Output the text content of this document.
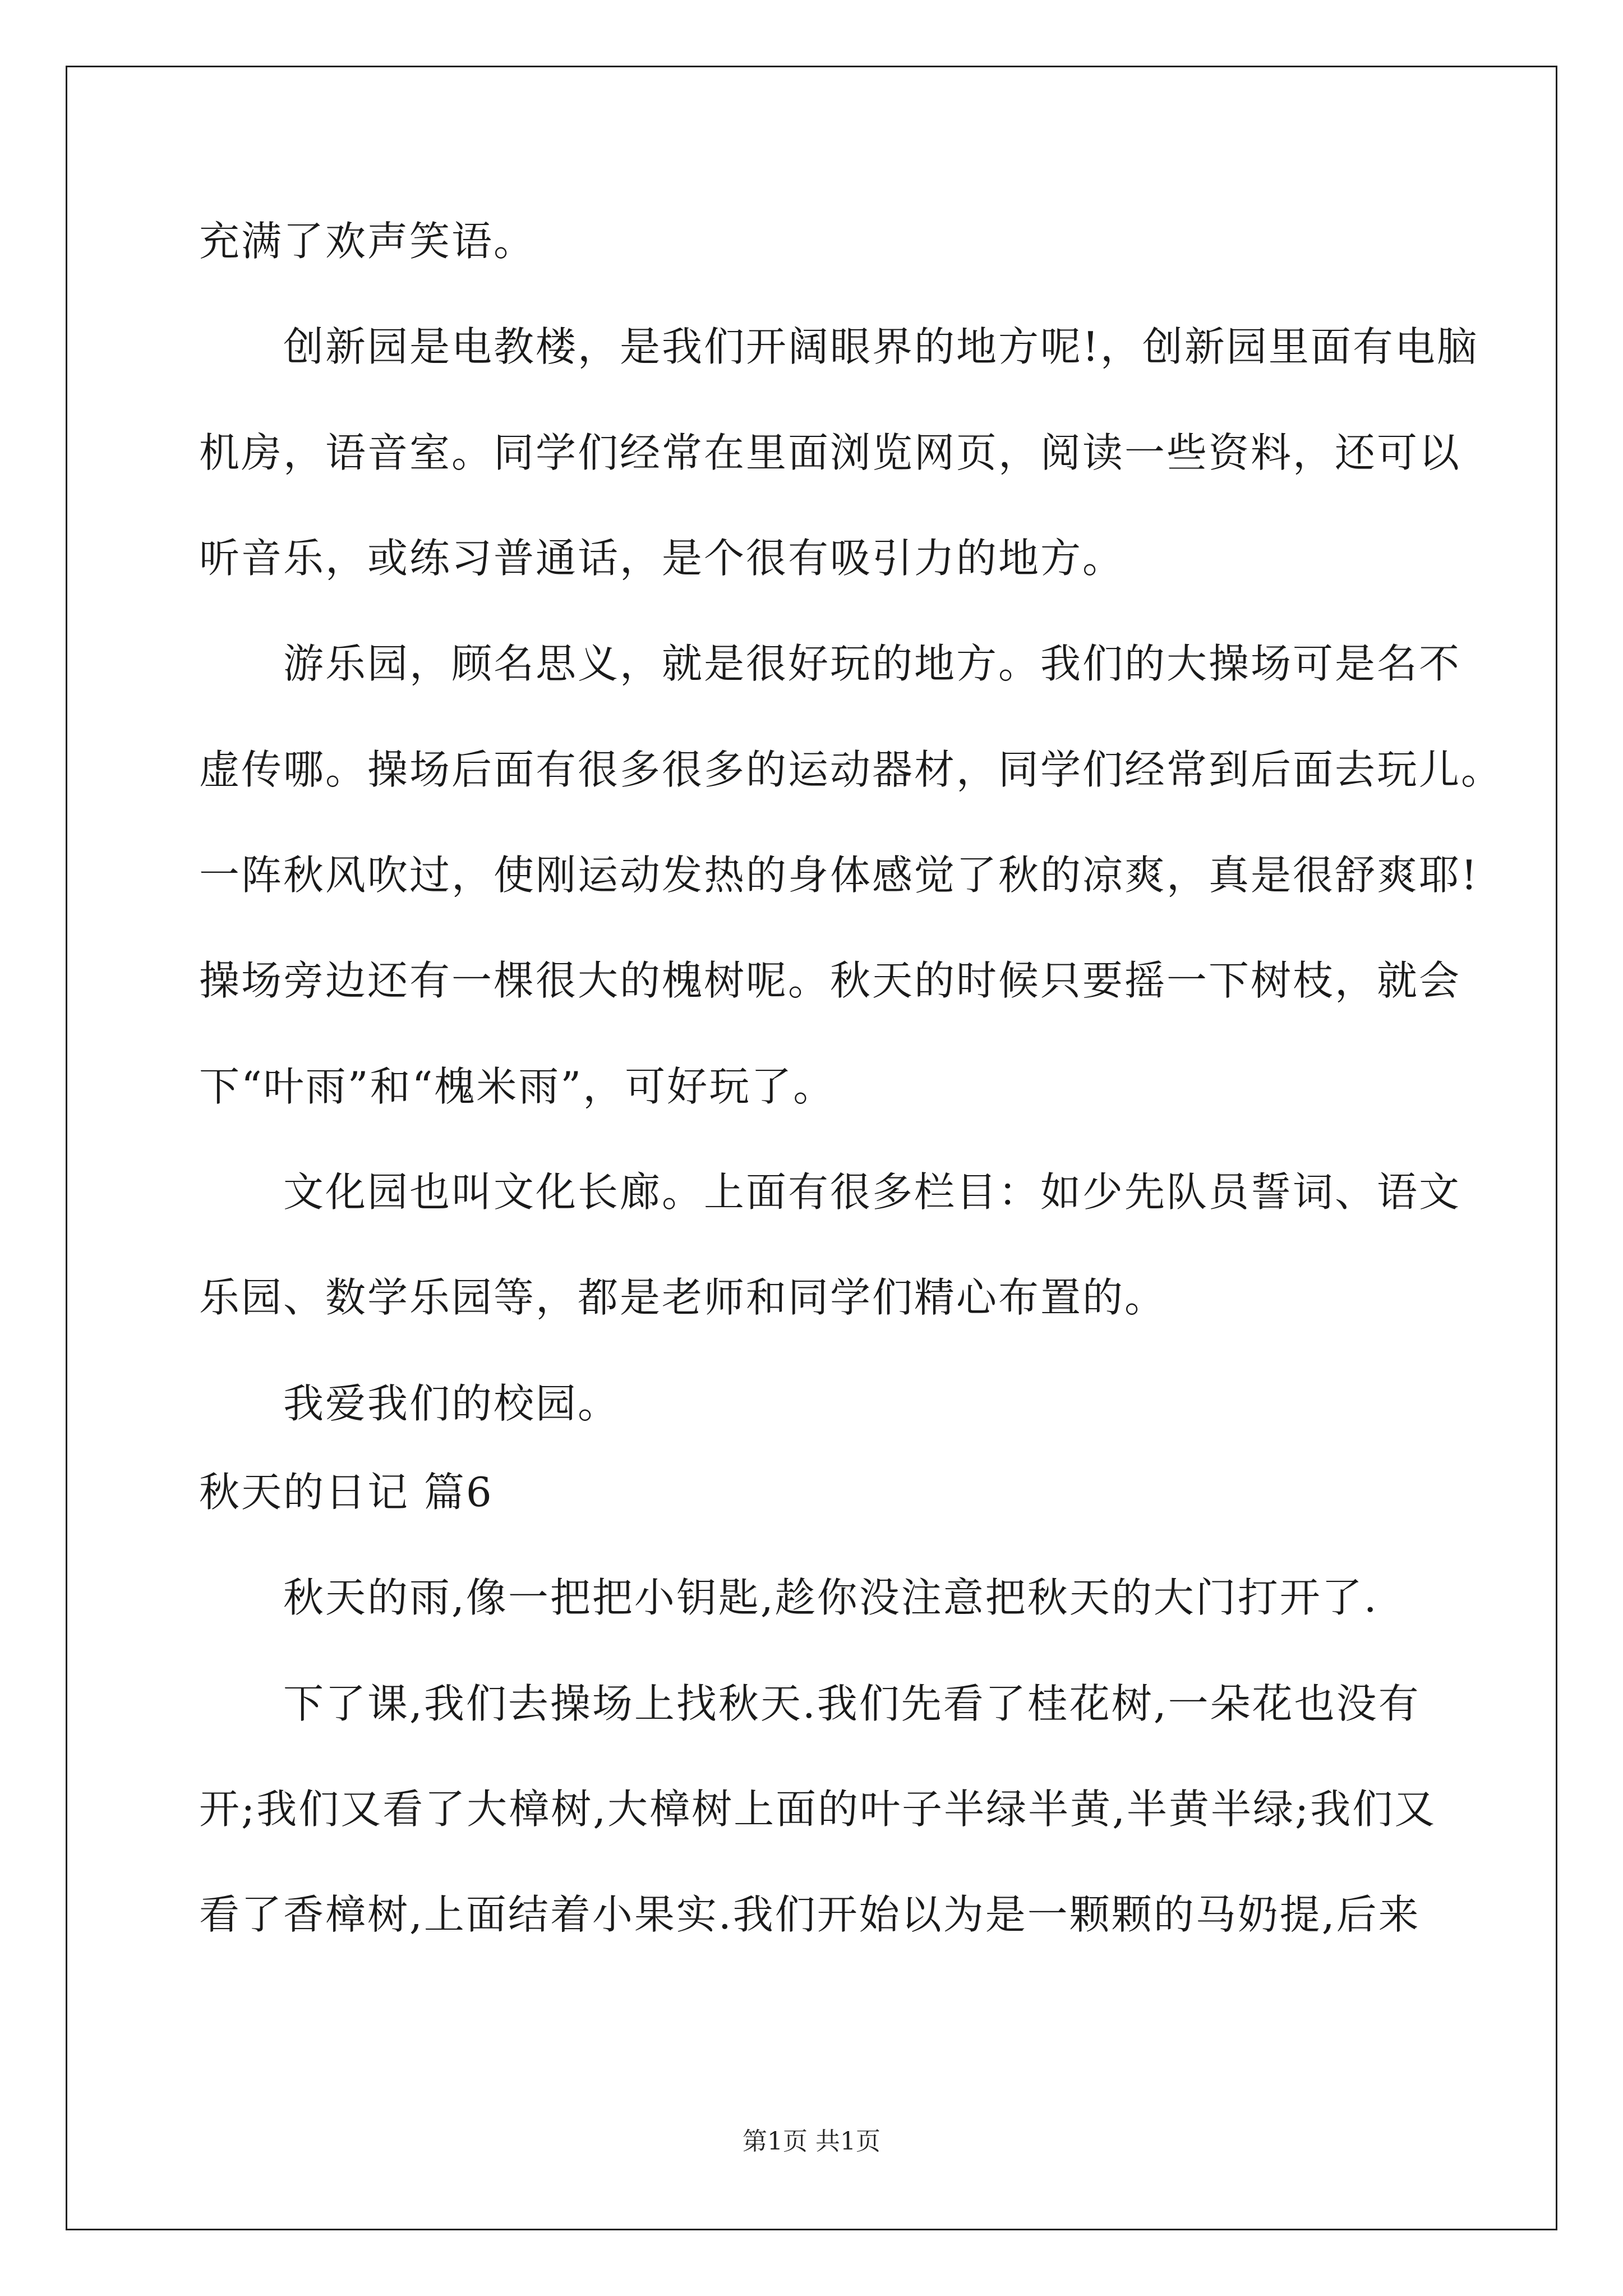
充满了欢声笑语。
创新园是电教楼，是我们开阔眼界的地方呢!，创新园里面有电脑
机房，语音室。同学们经常在里面浏览网页，阅读一些资料，还可以
听音乐，或练习普通话，是个很有吸引力的地方。
游乐园，顾名思义，就是很好玩的地方。我们的大操场可是名不
虚传哪。操场后面有很多很多的运动器材，同学们经常到后面去玩儿。
一阵秋风吹过，使刚运动发热的身体感觉了秋的凉爽，真是很舒爽耶!
操场旁边还有一棵很大的槐树呢。秋天的时候只要摇一下树枝，就会
下“叶雨”和“槐米雨”，可好玩了。
文化园也叫文化长廊。上面有很多栏目：如少先队员誓词、语文
乐园、数学乐园等，都是老师和同学们精心布置的。
我爱我们的校园。
秋天的日记 篇6
秋天的雨,像一把把小钥匙,趁你没注意把秋天的大门打开了.
下了课,我们去操场上找秋天.我们先看了桂花树,一朵花也没有
开;我们又看了大樟树,大樟树上面的叶子半绿半黄,半黄半绿;我们又
看了香樟树,上面结着小果实.我们开始以为是一颗颗的马奶提,后来
第1页 共1页
